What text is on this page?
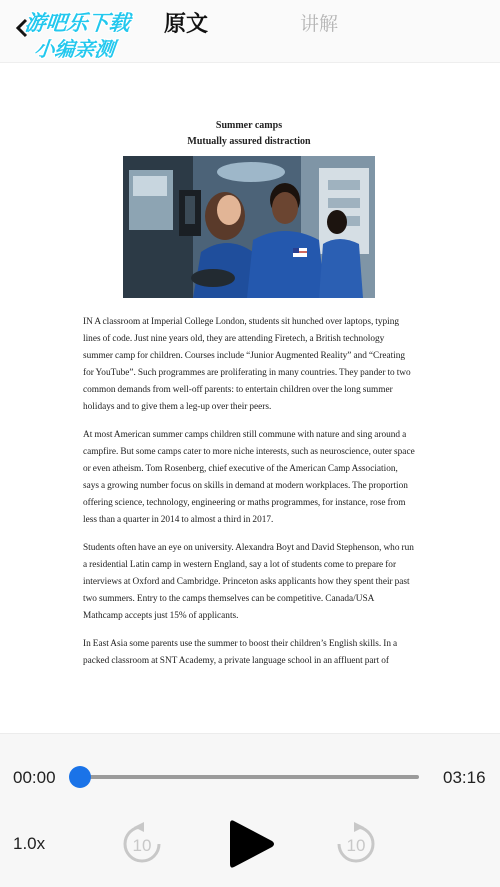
游吧乐下载
小编亲测
原文	讲解
Summer camps
Mutually assured distraction

IN A classroom at Imperial College London, students sit hunched over laptops, typing lines of code. Just nine years old, they are attending Firetech, a British technology summer camp for children. Courses include “Junior Augmented Reality” and “Creating for YouTube”. Such programmes are proliferating in many countries. They pander to two common demands from well-off parents: to entertain children over the long summer holidays and to give them a leg-up over their peers.

At most American summer camps children still commune with nature and sing around a campfire. But some camps cater to more niche interests, such as neuroscience, outer space or even atheism. Tom Rosenberg, chief executive of the American Camp Association, says a growing number focus on skills in demand at modern workplaces. The proportion offering science, technology, engineering or maths programmes, for instance, rose from less than a quarter in 2014 to almost a third in 2017.

Students often have an eye on university. Alexandra Boyt and David Stephenson, who run a residential Latin camp in western England, say a lot of students come to prepare for interviews at Oxford and Cambridge. Princeton asks applicants how they spent their past two summers. Entry to the camps themselves can be competitive. Canada/USA Mathcamp accepts just 15% of applicants.

In East Asia some parents use the summer to boost their children’s English skills. In a packed classroom at SNT Academy, a private language school in an affluent part of

00:00	03:16
1.0x	10	10
